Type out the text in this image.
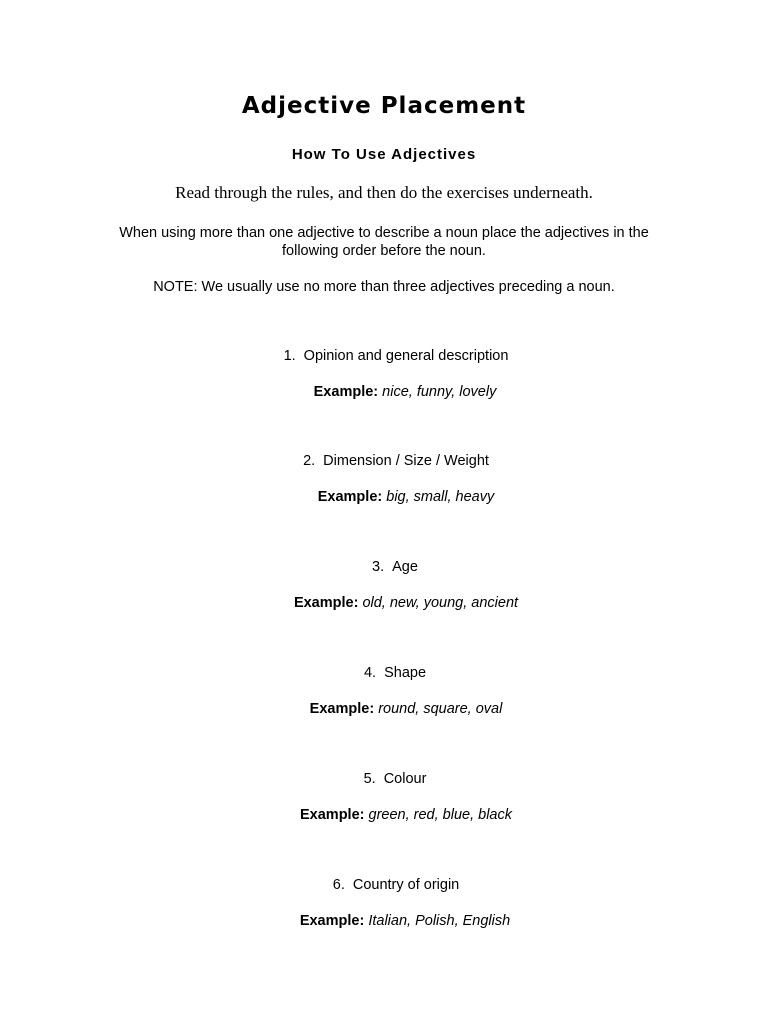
Adjective Placement
How To Use Adjectives
Read through the rules, and then do the exercises underneath.
When using more than one adjective to describe a noun place the adjectives in the
following order before the noun.
NOTE: We usually use no more than three adjectives preceding a noun.
1. Opinion and general description
Example: nice, funny, lovely
2. Dimension / Size / Weight
Example: big, small, heavy
3. Age
Example: old, new, young, ancient
4. Shape
Example: round, square, oval
5. Colour
Example: green, red, blue, black
6. Country of origin
Example: Italian, Polish, English
